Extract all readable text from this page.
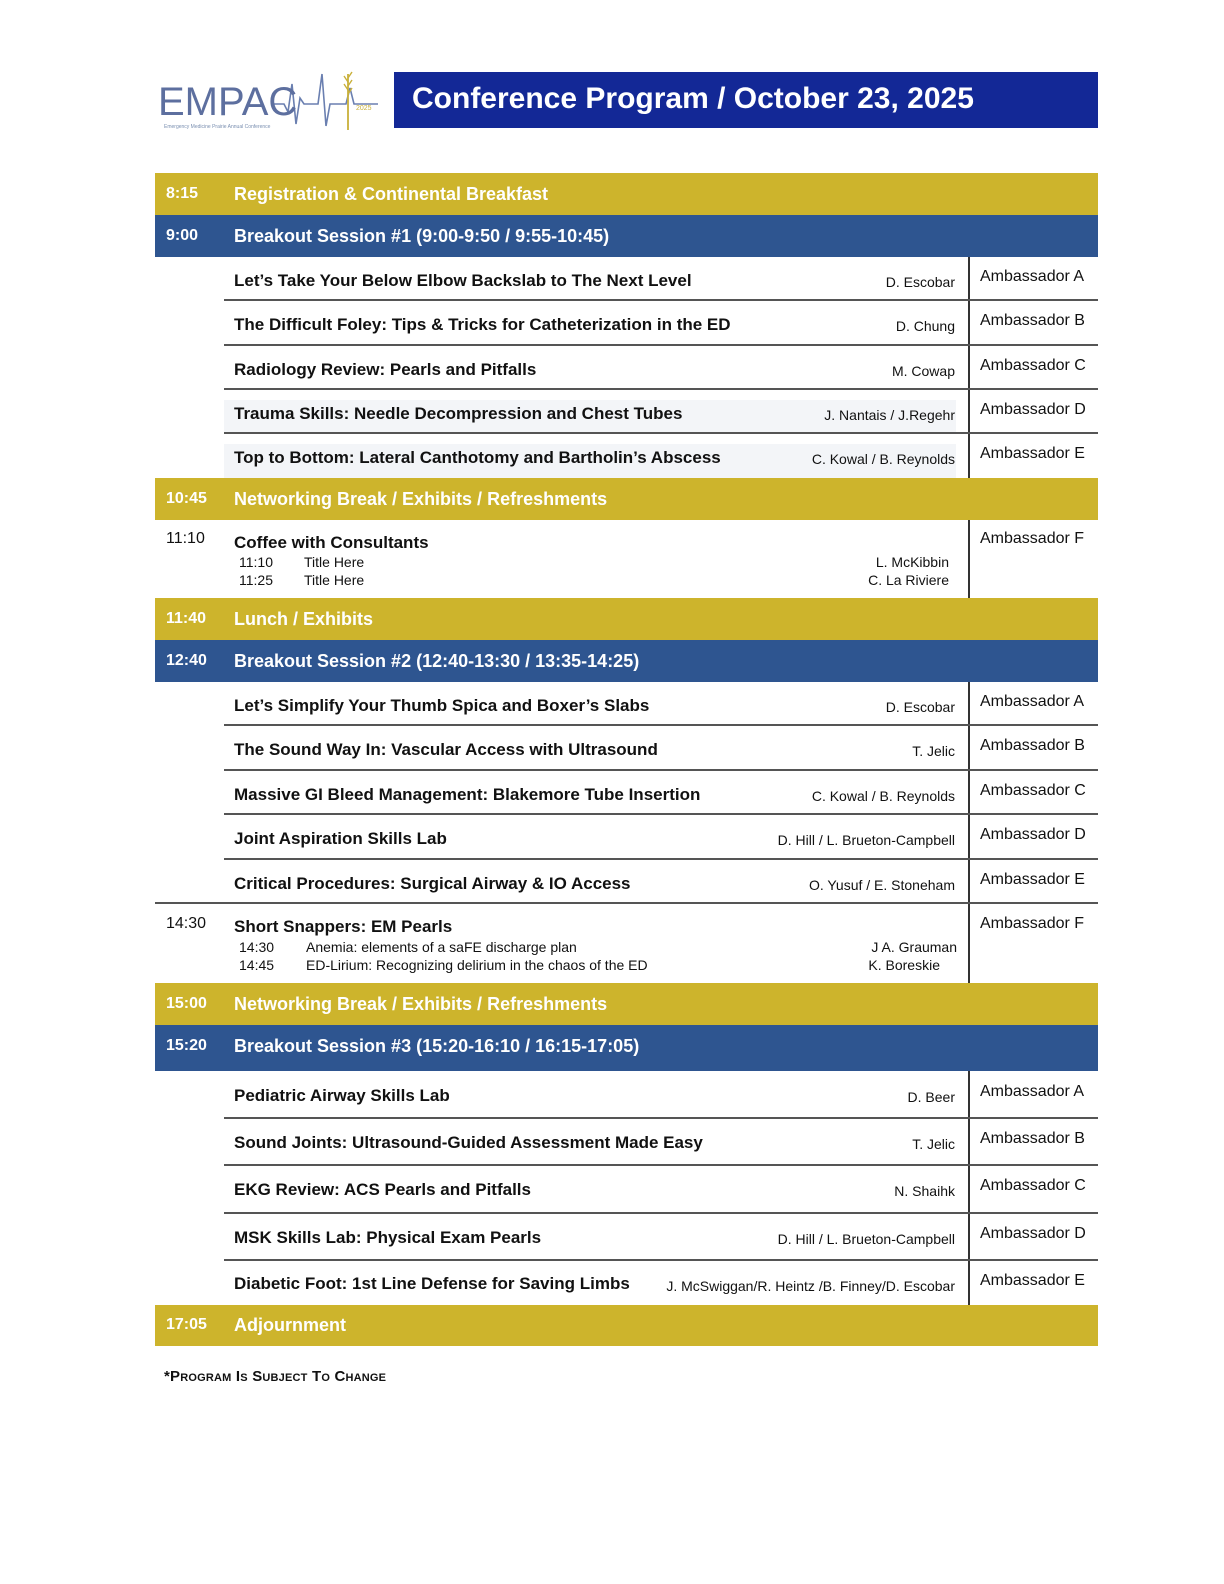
EMPAC
Emergency Medicine Prairie Annual Conference
2025 Conference Program / October 23, 2025
8:15 Registration & Continental Breakfast
9:00 Breakout Session #1 (9:00-9:50 / 9:55-10:45)
Let’s Take Your Below Elbow Backslab to The Next Level	D. Escobar Ambassador A
The Difficult Foley: Tips & Tricks for Catheterization in the ED	D. Chung Ambassador B
Radiology Review: Pearls and Pitfalls	M. Cowap Ambassador C
Trauma Skills: Needle Decompression and Chest Tubes	J. Nantais / J.Regehr Ambassador D
Top to Bottom: Lateral Canthotomy and Bartholin’s Abscess	C. Kowal / B. Reynolds Ambassador E
10:45 Networking Break / Exhibits / Refreshments
11:10 Coffee with Consultants
11:10 Title Here	L. McKibbin
11:25 Title Here	C. La Riviere
Ambassador F
11:40 Lunch / Exhibits
12:40 Breakout Session #2 (12:40-13:30 / 13:35-14:25)
Let’s Simplify Your Thumb Spica and Boxer’s Slabs	D. Escobar Ambassador A
The Sound Way In: Vascular Access with Ultrasound	T. Jelic Ambassador B
Massive GI Bleed Management: Blakemore Tube Insertion	C. Kowal / B. Reynolds Ambassador C
Joint Aspiration Skills Lab	D. Hill / L. Brueton-Campbell Ambassador D
Critical Procedures: Surgical Airway & IO Access	O. Yusuf / E. Stoneham Ambassador E
14:30 Short Snappers: EM Pearls
14:30 Anemia: elements of a saFE discharge plan	J A. Grauman
14:45 ED-Lirium: Recognizing delirium in the chaos of the ED	K. Boreskie
Ambassador F
15:00 Networking Break / Exhibits / Refreshments
15:20 Breakout Session #3 (15:20-16:10 / 16:15-17:05)
Pediatric Airway Skills Lab	D. Beer Ambassador A
Sound Joints: Ultrasound-Guided Assessment Made Easy	T. Jelic Ambassador B
EKG Review: ACS Pearls and Pitfalls	N. Shaihk Ambassador C
MSK Skills Lab: Physical Exam Pearls	D. Hill / L. Brueton-Campbell Ambassador D
Diabetic Foot: 1st Line Defense for Saving Limbs	J. McSwiggan/R. Heintz /B. Finney/D. Escobar Ambassador E
17:05 Adjournment
*Program Is Subject To Change
